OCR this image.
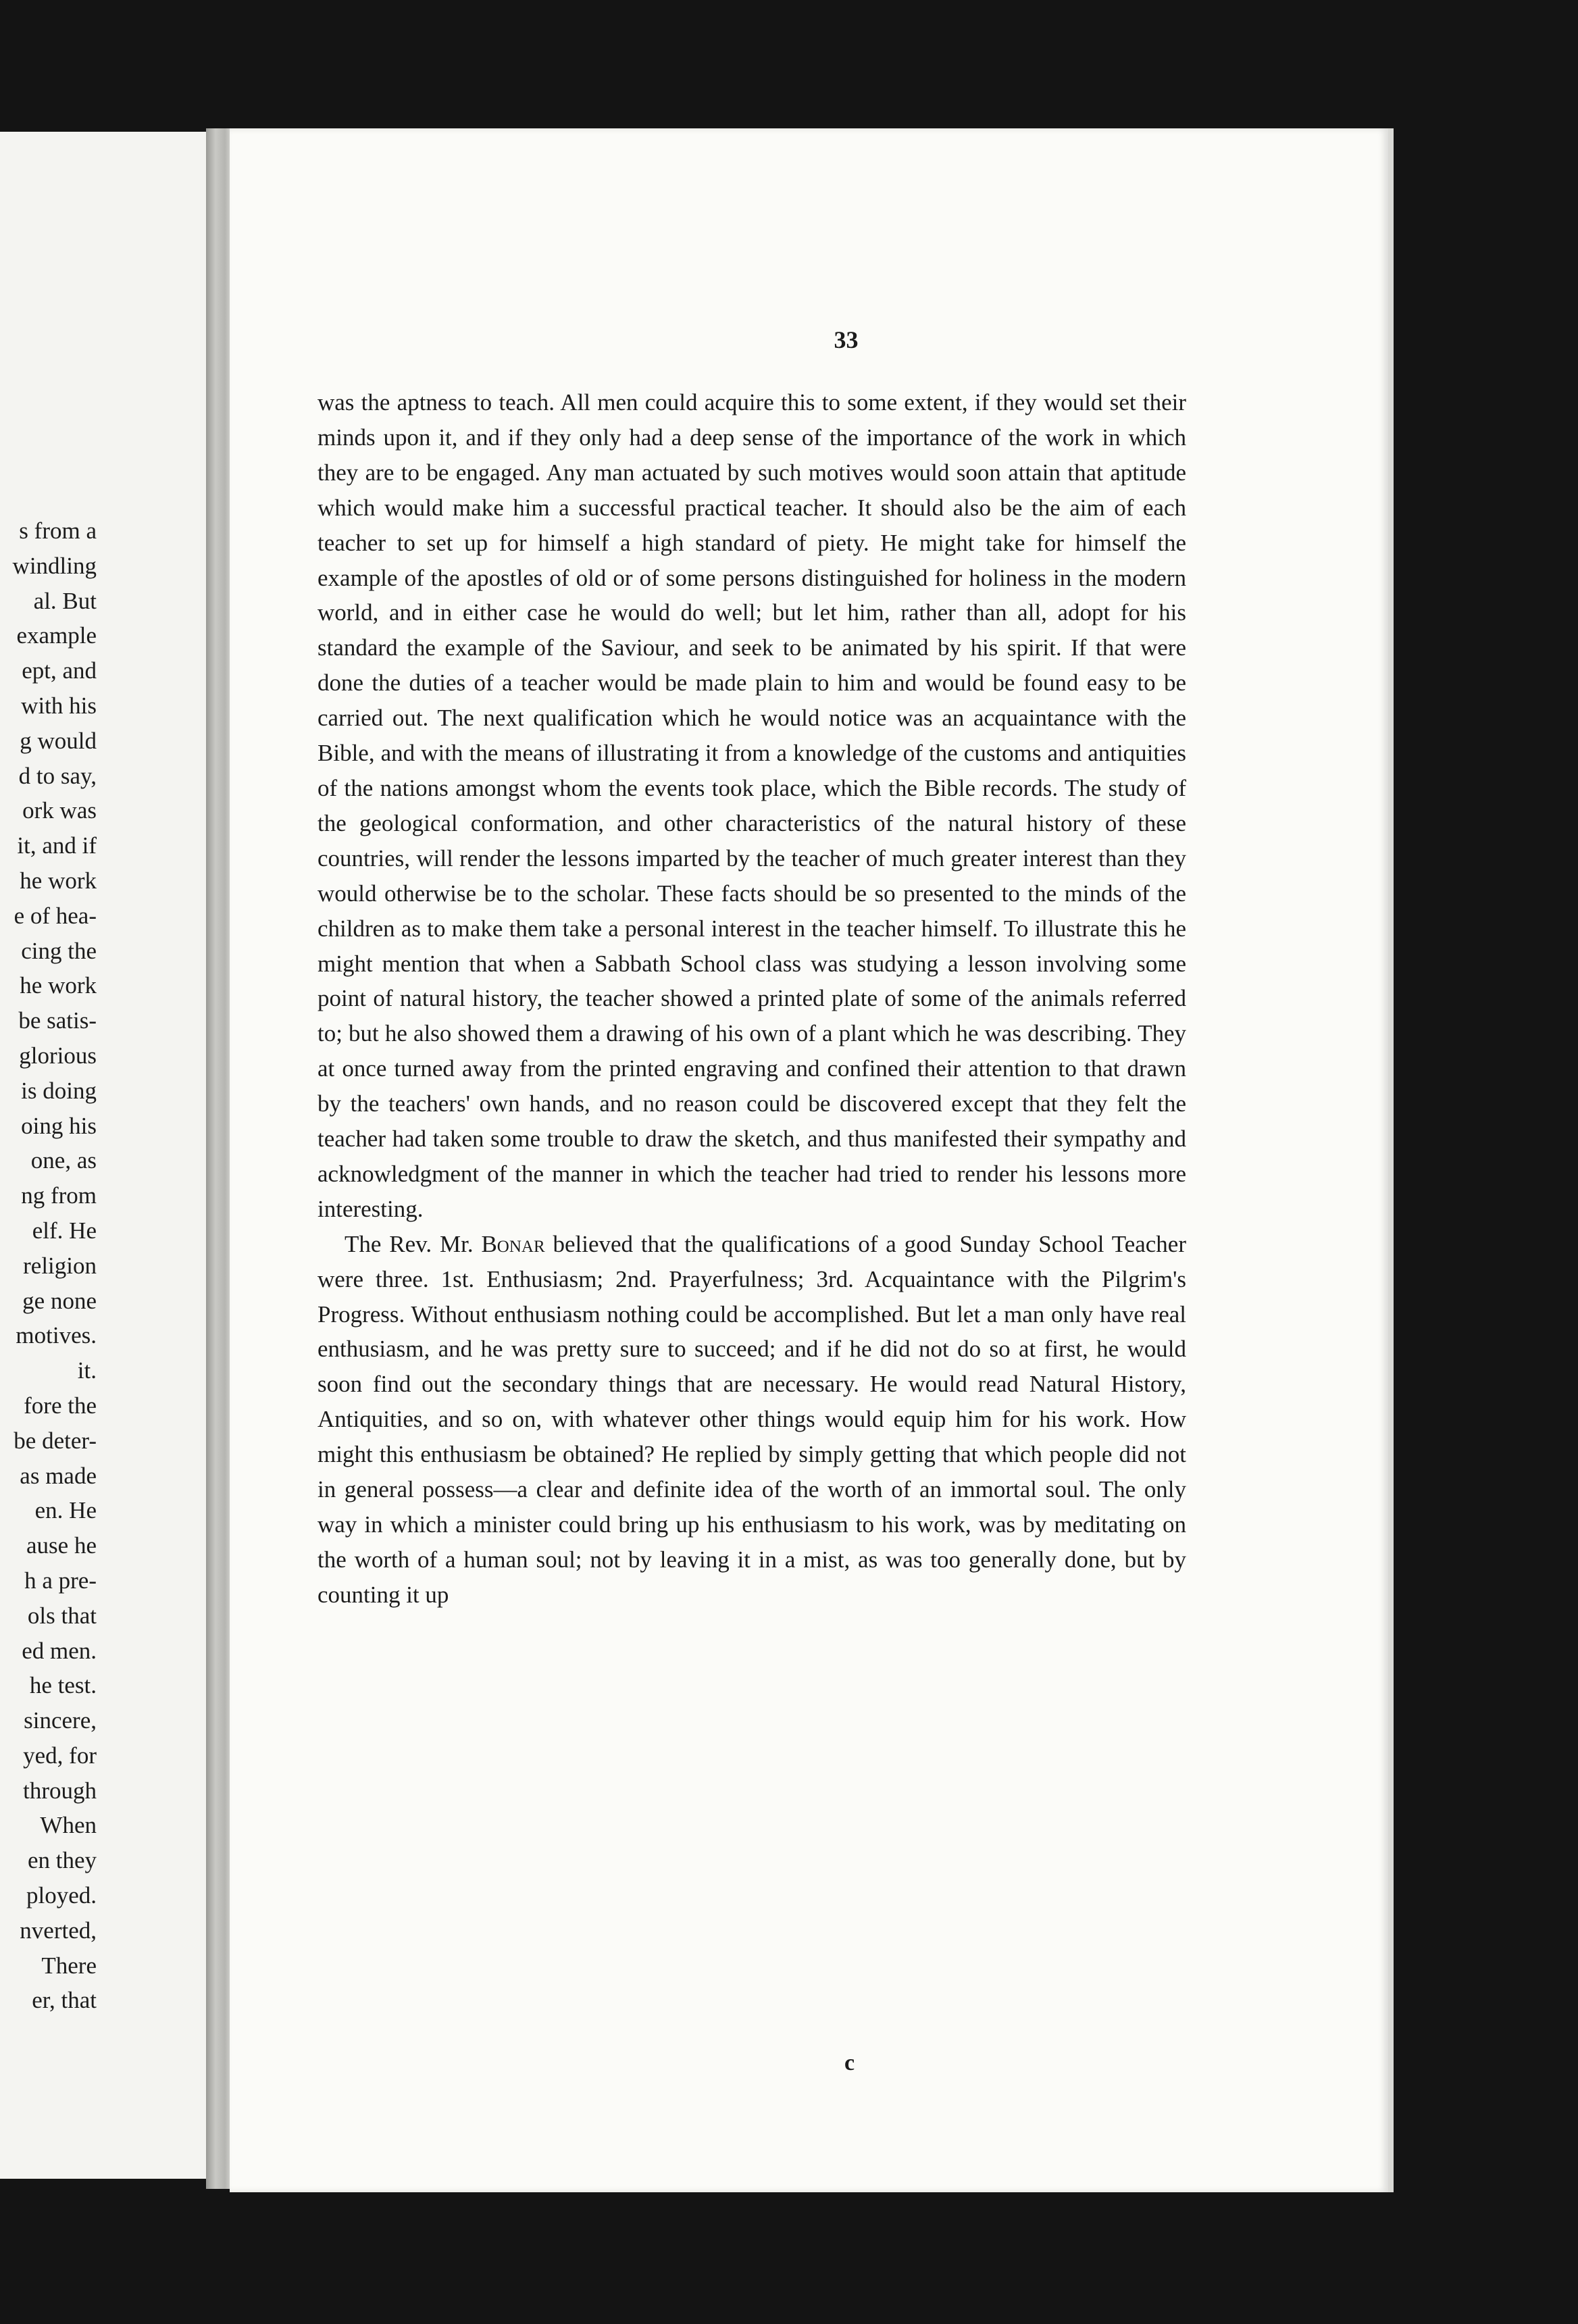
s from a
windling
al. But
example
ept, and
with his
g would
d to say,
ork was
it, and if
he work
e of hea-
cing the
he work
be satis-
glorious
is doing
oing his
one, as
ng from
elf. He
religion
ge none
motives.
it.
fore the
be deter-
as made
en. He
ause he
h a pre-
ols that
ed men.
he test.
sincere,
yed, for
through
When
en they
ployed.
nverted,
There
er, that
33

was the aptness to teach. All men could acquire this to some extent, if they would set their minds upon it, and if they only had a deep sense of the importance of the work in which they are to be engaged. Any man actuated by such motives would soon attain that aptitude which would make him a successful practical teacher. It should also be the aim of each teacher to set up for himself a high standard of piety. He might take for himself the example of the apostles of old or of some persons distinguished for holiness in the modern world, and in either case he would do well; but let him, rather than all, adopt for his standard the example of the Saviour, and seek to be animated by his spirit. If that were done the duties of a teacher would be made plain to him and would be found easy to be carried out. The next qualification which he would notice was an acquaintance with the Bible, and with the means of illustrating it from a knowledge of the customs and antiquities of the nations amongst whom the events took place, which the Bible records. The study of the geological conformation, and other characteristics of the natural history of these countries, will render the lessons imparted by the teacher of much greater interest than they would otherwise be to the scholar. These facts should be so presented to the minds of the children as to make them take a personal interest in the teacher himself. To illustrate this he might mention that when a Sabbath School class was studying a lesson involving some point of natural history, the teacher showed a printed plate of some of the animals referred to; but he also showed them a drawing of his own of a plant which he was describing. They at once turned away from the printed engraving and confined their attention to that drawn by the teachers' own hands, and no reason could be discovered except that they felt the teacher had taken some trouble to draw the sketch, and thus manifested their sympathy and acknowledgment of the manner in which the teacher had tried to render his lessons more interesting.

The Rev. Mr. Bonar believed that the qualifications of a good Sunday School Teacher were three. 1st. Enthusiasm; 2nd. Prayerfulness; 3rd. Acquaintance with the Pilgrim's Progress. Without enthusiasm nothing could be accomplished. But let a man only have real enthusiasm, and he was pretty sure to succeed; and if he did not do so at first, he would soon find out the secondary things that are necessary. He would read Natural History, Antiquities, and so on, with whatever other things would equip him for his work. How might this enthusiasm be obtained? He replied by simply getting that which people did not in general possess—a clear and definite idea of the worth of an immortal soul. The only way in which a minister could bring up his enthusiasm to his work, was by meditating on the worth of a human soul; not by leaving it in a mist, as was too generally done, but by counting it up

c
